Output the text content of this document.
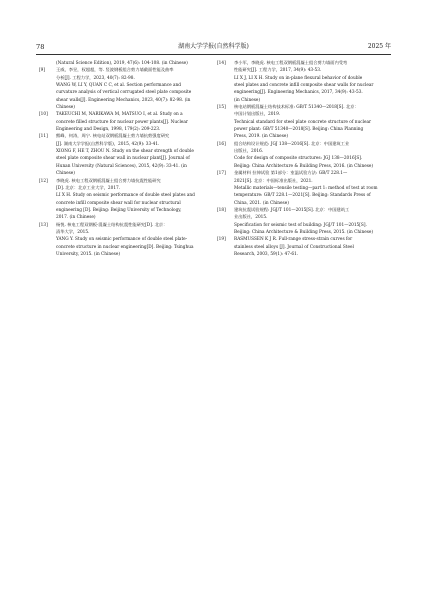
78	湖南大学学报(自然科学版)	2025 年
(Natural Science Edition), 2019, 47(6): 104-108. (in Chinese)
[9]	王威，李昱，权超超，等. 竖波钢板组合剪力墙截面性能及曲率
分析[J]. 工程力学，2023, 40(7): 82-98.
WANG W, LI Y, QUAN C C, et al. Section performance and
curvature analysis of vertical corrugated steel plate composite
shear walls[J]. Engineering Mechanics, 2023, 40(7): 82-98. (in
Chinese)
[10] TAKEUCHI M, NARIKAWA M, MATSUO I, et al. Study on a
concrete filled structure for nuclear power plants[J]. Nuclear
Engineering and Design, 1998, 179(2): 209-223.
[11] 熊峰，何涛，周宁. 核电站双钢板混凝土剪力墙抗剪强度研究
[J]. 湖南大学学报(自然科学版)，2015, 42(9): 33-41.
XIONG F, HE T, ZHOU N. Study on the shear strength of double
steel plate composite shear wall in nuclear plant[J]. Journal of
Hunan University (Natural Sciences), 2015, 42(9): 33-41. (in
Chinese)
[12] 李晓虎. 核电工程双钢板混凝土组合剪力墙抗震性能研究
[D]. 北京：北京工业大学，2017.
LI X H. Study on seismic performance of double steel plates and
concrete infill composite shear wall for nuclear structural
engineering [D]. Beijing: Beijing University of Technology,
2017. (in Chinese)
[13] 杨悦. 核电工程双钢板-混凝土结构抗震性能研究[D]. 北京：
清华大学，2015.
YANG Y. Study on seismic performance of double steel plate-
concrete structure in nuclear engineering[D]. Beijing: Tsinghua
University, 2015. (in Chinese)
[14] 李小军，李晓虎. 核电工程双钢板混凝土组合剪力墙面内受弯
性能研究[J]. 工程力学，2017, 34(9): 43-53.
LI X J, LI X H. Study on in-plane flexural behavior of double
steel plates and concrete infill composite shear walls for nuclear
engineering[J]. Engineering Mechanics, 2017, 34(9): 43-53.
(in Chinese)
[15] 核电站钢板混凝土结构技术标准: GB/T 51340—2018[S]. 北京：
中国计划出版社，2019.
Technical standard for steel plate concrete structure of nuclear
power plant: GB/T 51340—2018[S]. Beijing: China Planning
Press, 2019. (in Chinese)
[16] 组合结构设计规范: JGJ 138—2016[S]. 北京：中国建筑工业
出版社，2016.
Code for design of composite structures: JGJ 138—2016[S].
Beijing: China Architecture & Building Press, 2016. (in Chinese)
[17] 金属材料 拉伸试验 第1部分：室温试验方法: GB/T 228.1—
2021[S]. 北京：中国标准出版社，2021.
Metallic materials—tensile testing—part 1: method of test at room
temperature: GB/T 228.1—2021[S]. Beijing: Standards Press of
China, 2021. (in Chinese)
[18] 建筑抗震试验规程: JGJ/T 101—2015[S]. 北京：中国建筑工
业出版社，2015.
Specification for seismic test of building: JGJ/T 101—2015[S].
Beijing: China Architecture & Building Press, 2015. (in Chinese)
[19] RASMUSSEN K J R. Full-range stress-strain curves for
stainless steel alloys [J]. Journal of Constructional Steel
Research, 2003, 59(1): 47-61.
